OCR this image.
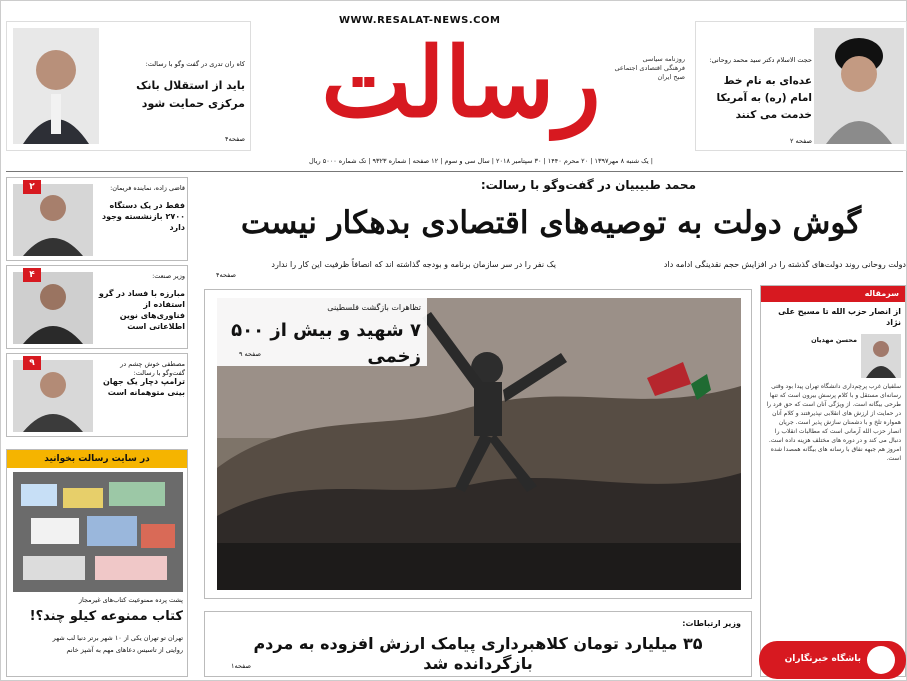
WWW.RESALAT-NEWS.COM
رسالت	روزنامه سیاسی
فرهنگی اقتصادی اجتماعی
صبح ایران
کاه ران تدری در گفت وگو با رسالت:
باید از استقلال بانک مرکزی حمایت شود
صفحه۴
حجت الاسلام دکتر سید محمد روحانی:
عده‌ای به نام خط امام (ره) به آمریکا خدمت می کنند
صفحه ۲
| یک شنبه ۸ مهر۱۳۹۷ | ۲۰ محرم ۱۴۴۰ | ۳۰ سپتامبر ۲۰۱۸ | سال سی و سوم | ۱۲ صفحه | شماره ۹۳۲۳ | تک شماره ۵۰۰۰ ریال
۲	قاضی زاده، نماینده فریمان:
فقط در یک دستگاه ۲۷۰۰ بازنشسته وجود دارد
۴	وزیر صنعت:
مبارزه با فساد در گرو استفاده از فناوری‌های نوین اطلاعاتی است
۹	مصطفی خوش چشم در گفت‌وگو با رسالت:
ترامپ دچار یک جهان بینی متوهمانه است
در سایت رسالت بخوانید
پشت پرده ممنوعیت کتاب‌های غیرمجاز
کتاب ممنوعه کیلو چند؟!
تهران تو تهران یکی از ۱۰ شهر برتر دنیا لب شهر
روایتی از تاسیس دعاهای مهم به آشپز خانم
محمد طبیبیان در گفت‌وگو با رسالت:
گوش دولت به توصیه‌های اقتصادی بدهکار نیست
دولت روحانی روند دولت‌های گذشته را در افزایش حجم نقدینگی ادامه داد
یک نفر را در سر سازمان برنامه و بودجه گذاشته اند که انصافاً ظرفیت این کار را ندارد
صفحه۴
تظاهرات بازگشت فلسطینی
۷ شهید و بیش از ۵۰۰ زخمی
صفحه ۹
وزیر ارتباطات:
۳۵ میلیارد تومان کلاهبرداری پیامک ارزش افزوده به مردم بازگردانده شد
صفحه۱
سرمقاله
از انصار حزب الله تا مسیح علی نژاد
محسن مهدیان
سلفیان غرب پرچم‌داری دانشگاه تهران پیدا بود وقتی رسانه‌ای مستقل و با کلام پرسش بیرون است که تنها طرحی بیگانه است. از ویژگی آنان است که حق فرد را در حمایت از ارزش های انقلابی نپذیرفتند و کلام آنان همواره تلخ و با دشمنان سازش پذیر است. جریان انصار حزب الله آرمانی است که مطالبات انقلاب را دنبال می کند و در دوره های مختلف هزینه داده است. امروز هم جبهه نفاق با رسانه های بیگانه همصدا شده است.
باشگاه خبرنگاران
